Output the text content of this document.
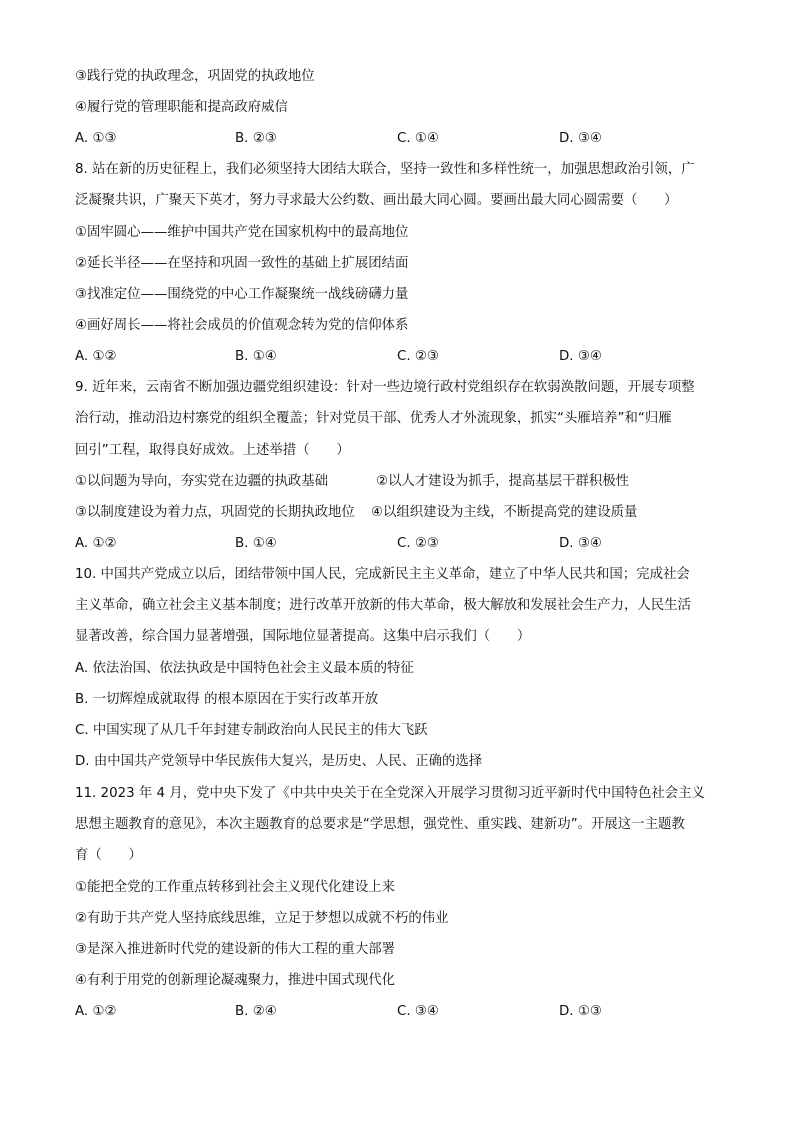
③践行党的执政理念，巩固党的执政地位
④履行党的管理职能和提高政府威信
A. ①③	B. ②③	C. ①④	D. ③④
8. 站在新的历史征程上，我们必须坚持大团结大联合，坚持一致性和多样性统一，加强思想政治引领，广
泛凝聚共识，广聚天下英才，努力寻求最大公约数、画出最大同心圆。要画出最大同心圆需要（　　）
①固牢圆心——维护中国共产党在国家机构中的最高地位
②延长半径——在坚持和巩固一致性的基础上扩展团结面
③找准定位——围绕党的中心工作凝聚统一战线磅礴力量
④画好周长——将社会成员的价值观念转为党的信仰体系
A. ①②	B. ①④	C. ②③	D. ③④
9. 近年来，云南省不断加强边疆党组织建设：针对一些边境行政村党组织存在软弱涣散问题，开展专项整
治行动，推动沿边村寨党的组织全覆盖；针对党员干部、优秀人才外流现象，抓实“头雁培养”和“归雁
回引”工程，取得良好成效。上述举措（　　）
①以问题为导向，夯实党在边疆的执政基础	②以人才建设为抓手，提高基层干群积极性
③以制度建设为着力点，巩固党的长期执政地位 ④以组织建设为主线，不断提高党的建设质量
A. ①②	B. ①④	C. ②③	D. ③④
10. 中国共产党成立以后，团结带领中国人民，完成新民主主义革命，建立了中华人民共和国；完成社会
主义革命，确立社会主义基本制度；进行改革开放新的伟大革命，极大解放和发展社会生产力，人民生活
显著改善，综合国力显著增强，国际地位显著提高。这集中启示我们（　　）
A. 依法治国、依法执政是中国特色社会主义最本质的特征
B. 一切辉煌成就取得 的根本原因在于实行改革开放
C. 中国实现了从几千年封建专制政治向人民民主的伟大飞跃
D. 由中国共产党领导中华民族伟大复兴，是历史、人民、正确的选择
11. 2023 年 4 月，党中央下发了《中共中央关于在全党深入开展学习贯彻习近平新时代中国特色社会主义
思想主题教育的意见》，本次主题教育的总要求是“学思想，强党性、重实践、建新功”。开展这一主题教
育（　　）
①能把全党的工作重点转移到社会主义现代化建设上来
②有助于共产党人坚持底线思维，立足于梦想以成就不朽的伟业
③是深入推进新时代党的建设新的伟大工程的重大部署
④有利于用党的创新理论凝魂聚力，推进中国式现代化
A. ①②	B. ②④	C. ③④	D. ①③
